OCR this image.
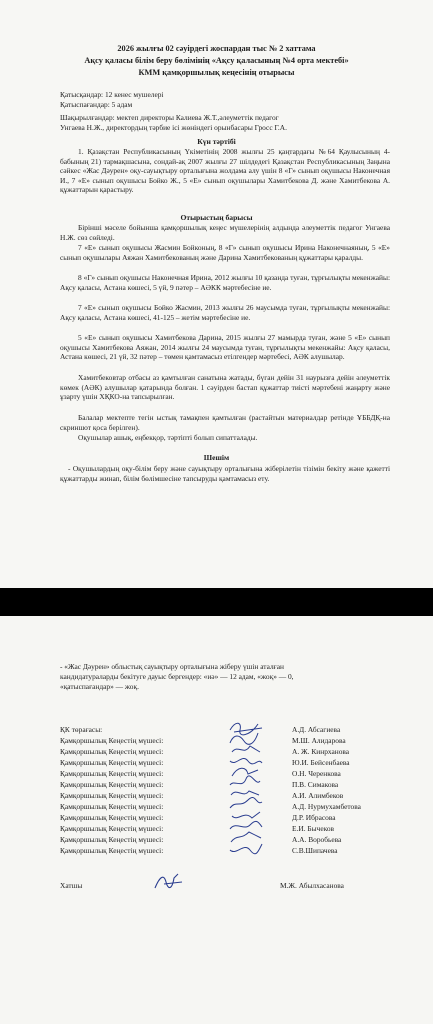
2026 жылғы 02 сәуірдегі жоспардан тыс № 2 хаттама
Ақсу қаласы білім беру бөлімінің «Ақсу қаласының №4 орта мектебі»
КММ қамқоршылық кеңесінің отырысы
Қатысқандар: 12 кенес мушелері
Қатыспағандар: 5 адам
Шақырылғандар: мектеп директоры Калиева Ж.Т.,әлеуметтік педагог
Унгаева Н.Ж., директордың тәрбие ісі жөніндегі орынбасары Гросс Г.А.
Күн тәртібі
1. Қазақстан Республикасының Үкіметінің 2008 жылғы 25 қаңтардағы №64 Қаулысының 4-бабының 21) тармақшасына, сондай-ақ 2007 жылғы 27 шілдедегі Қазақстан Республикасының Заңына сәйкес «Жас Дәурен» оқу-сауықтыру орталығына жолдама алу үшін 8 «Г» сынып оқушысы Наконечная И., 7 «Е» сынып оқушысы Бойко Ж., 5 «Е» сынып оқушылары Хамитбекова Д. және Хамитбекова А. құжаттарын қарастыру.
Отырыстың барысы
Бірінші мәселе бойынша қамқоршылық кеңес мүшелерінің алдында әлеуметтік педагог Унгаева Н.Ж. сөз сөйледі.
7 «Е» сынып оқушысы Жасмин Бойконың, 8 «Г» сынып оқушысы Ирина Наконечнаяның, 5 «Е» сынып оқушылары Аяжан Хамитбекованың және Дарина Хамитбекованың құжаттары қаралды.
8 «Г» сынып оқушысы Наконечная Ирина, 2012 жылғы 10 қазанда туған, тұрғылықты мекенжайы: Ақсу қаласы, Астана көшесі, 5 үй, 9 пәтер – АӘКК мәртебесіне ие.
7 «Е» сынып оқушысы Бойко Жасмин, 2013 жылғы 26 маусымда туған, тұрғылықты мекенжайы: Ақсу қаласы, Астана көшесі, 41-125 – жетім мәртебесіне ие.
5 «Е» сынып оқушысы Хамитбекова Дарина, 2015 жылғы 27 мамырда туған, және 5 «Е» сынып оқушысы Хамитбекова Аяжан, 2014 жылғы 24 маусымда туған, тұрғылықты мекенжайы: Ақсу қаласы, Астана көшесі, 21 үй, 32 пәтер – төмен қамтамасыз етілгендер мәртебесі, АӘК алушылар.
Хамитбековтар отбасы аз қамтылған санатына жатады, бүган дейін 31 наурызға дейін әлеуметтік көмек (АӘК) алушылар қатарында болған. 1 сәуірден бастап құжаттар тиісті мәртебені жаңарту және ұзарту үшін ХҚКО-на тапсырылған.
Балалар мектепте тегін ыстық тамақпен қамтылған (растайтын материалдар ретінде ҰББДҚ-на скриншот қоса берілген).
Оқушылар ашық, еңбекқор, тәртіпті болып сипатталады.
Шешім
- Оқушылардың оқу-білім беру және сауықтыру орталығына жіберілетін тізімін бекіту және қажетті құжаттарды жинап, білім бөлімшесіне тапсыруды қамтамасыз ету.
- «Жас Дәурен» облыстық сауықтыру орталығына жіберу үшін аталған
кандидатураларды бекітуге дауыс бергендер: «иә» — 12 адам, «жоқ» — 0,
«қатыспағандар» — жоқ.
ҚК төрағасы:	А.Д. Абсагиева
Қамқоршылық Кеңестің мүшесі:	М.Ш. Алидарова
Қамқоршылық Кеңестің мүшесі:	А. Ж. Кинрханова
Қамқоршылық Кеңестің мүшесі:	Ю.И. Бейсенбаева
Қамқоршылық Кеңестің мүшесі:	О.Н. Черенкова
Қамқоршылық Кеңестің мүшесі:	П.В. Симакова
Қамқоршылық Кеңестің мүшесі:	А.И. Алимбеков
Қамқоршылық Кеңестің мүшесі:	А.Д. Нурмухамбетова
Қамқоршылық Кеңестің мүшесі:	Д.Р. Ибрасова
Қамқоршылық Кеңестің мүшесі:	Е.И. Бычеков
Қамқоршылық Кеңестің мүшесі:	А.А. Воробьева
Қамқоршылық Кеңестің мүшесі:	С.В.Шипачева
Хатшы	М.Ж. Абылхасанова
